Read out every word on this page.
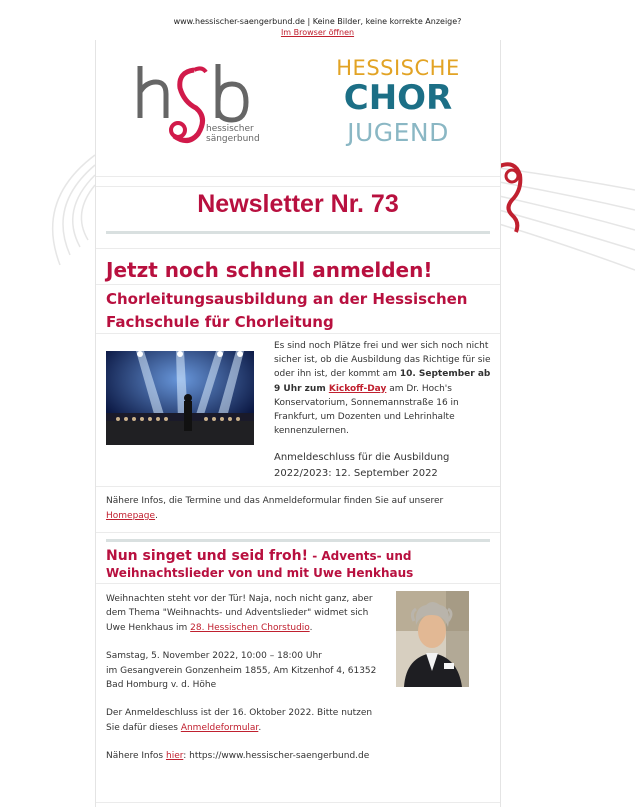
www.hessischer-saengerbund.de | Keine Bilder, keine korrekte Anzeige?
Im Browser öffnen
hessischer
sängerbund
HESSISCHE
CHOR
JUGEND
Newsletter Nr. 73
Jetzt noch schnell anmelden!
Chorleitungsausbildung an der Hessischen Fachschule für Chorleitung
Es sind noch Plätze frei und wer sich noch nicht sicher ist, ob die Ausbildung das Richtige für sie oder ihn ist, der kommt am 10. September ab 9 Uhr zum Kickoff-Day am Dr. Hoch's Konservatorium, Sonnemannstraße 16 in Frankfurt, um Dozenten und Lehrinhalte kennenzulernen.
Anmeldeschluss für die Ausbildung 2022/2023: 12. September 2022
Nähere Infos, die Termine und das Anmeldeformular finden Sie auf unserer Homepage.
Nun singet und seid froh! - Advents- und Weihnachtslieder von und mit Uwe Henkhaus
Weihnachten steht vor der Tür! Naja, noch nicht ganz, aber dem Thema "Weihnachts- und Adventslieder" widmet sich Uwe Henkhaus im 28. Hessischen Chorstudio.
Samstag, 5. November 2022, 10:00 – 18:00 Uhr
im Gesangverein Gonzenheim 1855, Am Kitzenhof 4, 61352 Bad Homburg v. d. Höhe
Der Anmeldeschluss ist der 16. Oktober 2022. Bitte nutzen Sie dafür dieses Anmeldeformular.
Nähere Infos hier: https://www.hessischer-saengerbund.de
